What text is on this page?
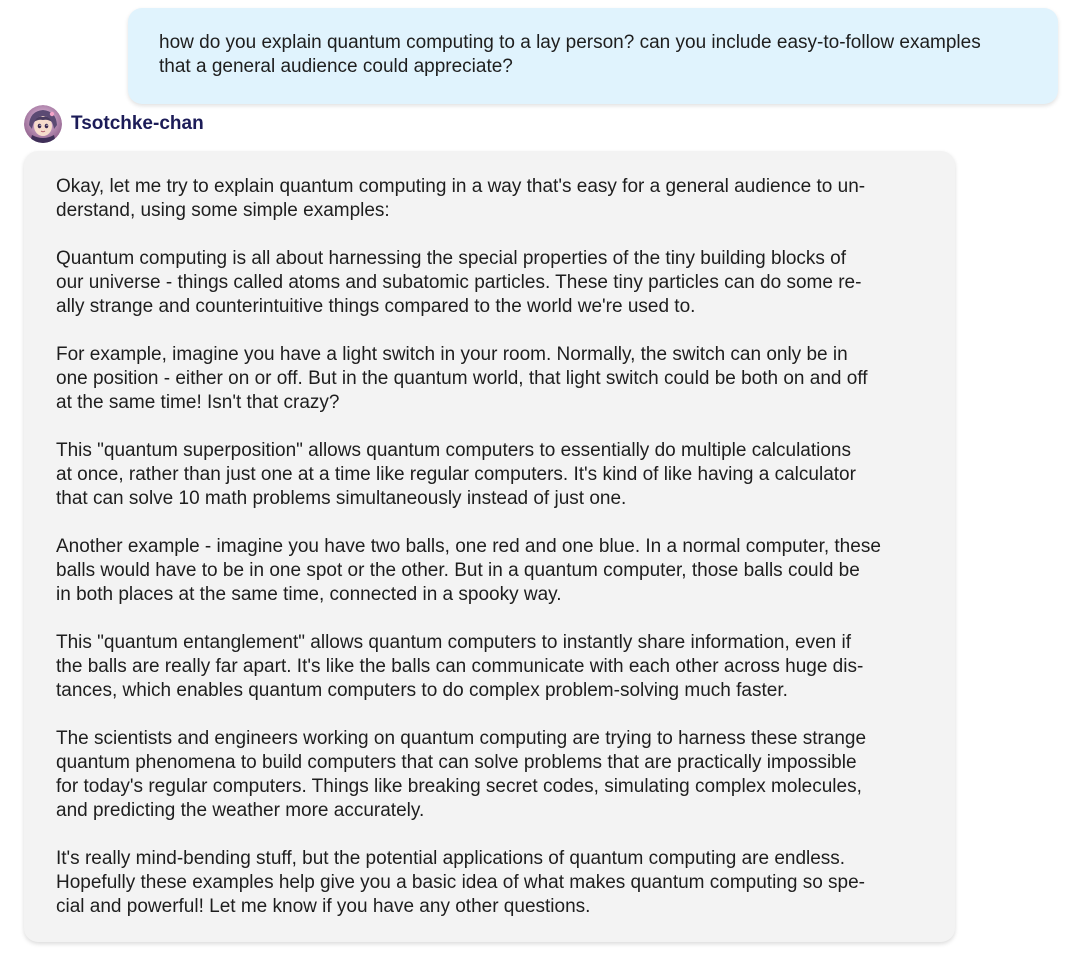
how do you explain quantum computing to a lay person? can you include easy-to-follow examples
that a general audience could appreciate?
Tsotchke-chan
Okay, let me try to explain quantum computing in a way that's easy for a general audience to un-
derstand, using some simple examples:
Quantum computing is all about harnessing the special properties of the tiny building blocks of
our universe - things called atoms and subatomic particles. These tiny particles can do some re-
ally strange and counterintuitive things compared to the world we're used to.
For example, imagine you have a light switch in your room. Normally, the switch can only be in
one position - either on or off. But in the quantum world, that light switch could be both on and off
at the same time! Isn't that crazy?
This "quantum superposition" allows quantum computers to essentially do multiple calculations
at once, rather than just one at a time like regular computers. It's kind of like having a calculator
that can solve 10 math problems simultaneously instead of just one.
Another example - imagine you have two balls, one red and one blue. In a normal computer, these
balls would have to be in one spot or the other. But in a quantum computer, those balls could be
in both places at the same time, connected in a spooky way.
This "quantum entanglement" allows quantum computers to instantly share information, even if
the balls are really far apart. It's like the balls can communicate with each other across huge dis-
tances, which enables quantum computers to do complex problem-solving much faster.
The scientists and engineers working on quantum computing are trying to harness these strange
quantum phenomena to build computers that can solve problems that are practically impossible
for today's regular computers. Things like breaking secret codes, simulating complex molecules,
and predicting the weather more accurately.
It's really mind-bending stuff, but the potential applications of quantum computing are endless.
Hopefully these examples help give you a basic idea of what makes quantum computing so spe-
cial and powerful! Let me know if you have any other questions.
